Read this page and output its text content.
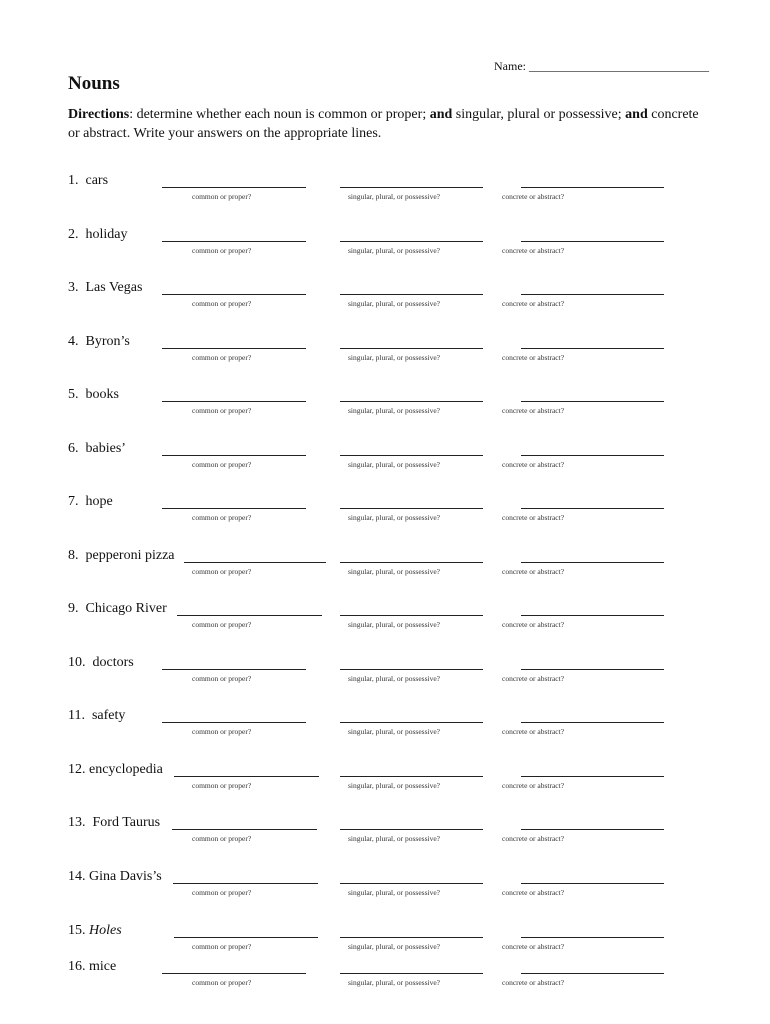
Name: ______________________________
Nouns

Directions: determine whether each noun is common or proper; and singular, plural or possessive; and concrete or abstract. Write your answers on the appropriate lines.

1.  cars
common or proper?	singular, plural, or possessive?	concrete or abstract?
2.  holiday
common or proper?	singular, plural, or possessive?	concrete or abstract?
3.  Las Vegas
common or proper?	singular, plural, or possessive?	concrete or abstract?
4.  Byron’s
common or proper?	singular, plural, or possessive?	concrete or abstract?
5.  books
common or proper?	singular, plural, or possessive?	concrete or abstract?
6.  babies’
common or proper?	singular, plural, or possessive?	concrete or abstract?
7.  hope
common or proper?	singular, plural, or possessive?	concrete or abstract?
8.  pepperoni pizza
common or proper?	singular, plural, or possessive?	concrete or abstract?
9.  Chicago River
common or proper?	singular, plural, or possessive?	concrete or abstract?
10.  doctors
common or proper?	singular, plural, or possessive?	concrete or abstract?
11.  safety
common or proper?	singular, plural, or possessive?	concrete or abstract?
12. encyclopedia
common or proper?	singular, plural, or possessive?	concrete or abstract?
13.  Ford Taurus
common or proper?	singular, plural, or possessive?	concrete or abstract?
14. Gina Davis’s
common or proper?	singular, plural, or possessive?	concrete or abstract?
15. Holes
common or proper?	singular, plural, or possessive?	concrete or abstract?
16. mice
common or proper?	singular, plural, or possessive?	concrete or abstract?
